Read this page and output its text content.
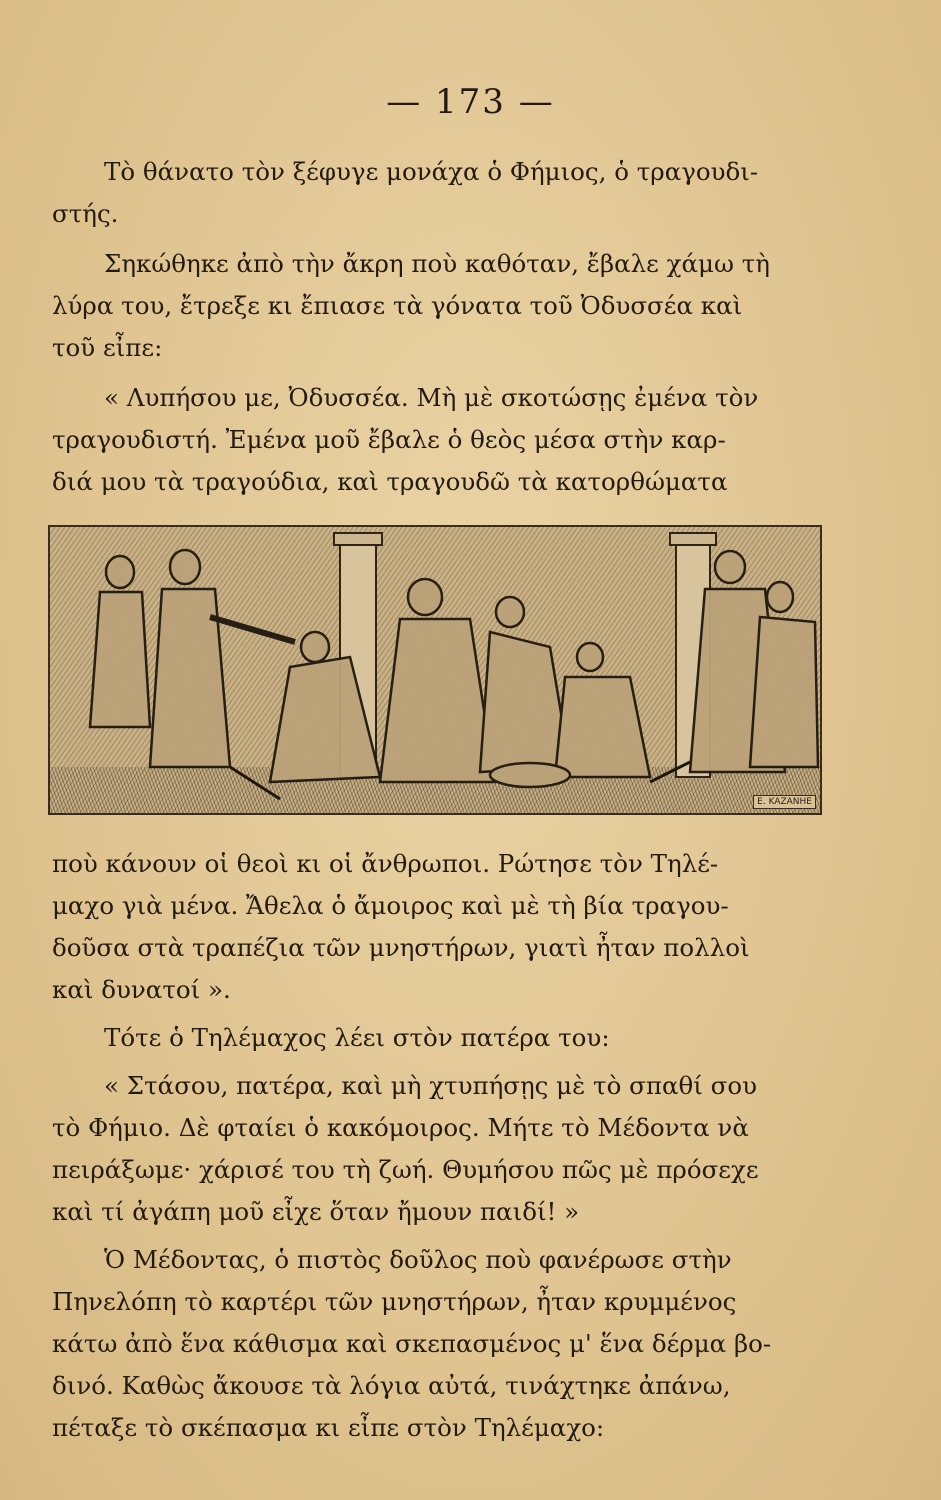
— 173 —
Τὸ θάνατο τὸν ξέφυγε μονάχα ὁ Φήμιος, ὁ τραγουδι-
στής.
Σηκώθηκε ἀπὸ τὴν ἄκρη ποὺ καθόταν, ἔβαλε χάμω τὴ
λύρα του, ἔτρεξε κι ἔπιασε τὰ γόνατα τοῦ Ὀδυσσέα καὶ
τοῦ εἶπε:
« Λυπήσου με, Ὀδυσσέα. Μὴ μὲ σκοτώσῃς ἐμένα τὸν
τραγουδιστή. Ἐμένα μοῦ ἔβαλε ὁ θεὸς μέσα στὴν καρ-
διά μου τὰ τραγούδια, καὶ τραγουδῶ τὰ κατορθώματα
E. KAZANHE
ποὺ κάνουν οἱ θεοὶ κι οἱ ἄνθρωποι. Ρώτησε τὸν Τηλέ-
μαχο γιὰ μένα. Ἄθελα ὁ ἄμοιρος καὶ μὲ τὴ βία τραγου-
δοῦσα στὰ τραπέζια τῶν μνηστήρων, γιατὶ ἦταν πολλοὶ
καὶ δυνατοί ».
Τότε ὁ Τηλέμαχος λέει στὸν πατέρα του:
« Στάσου, πατέρα, καὶ μὴ χτυπήσῃς μὲ τὸ σπαθί σου
τὸ Φήμιο. Δὲ φταίει ὁ κακόμοιρος. Μήτε τὸ Μέδοντα νὰ
πειράξωμε· χάρισέ του τὴ ζωή. Θυμήσου πῶς μὲ πρόσεχε
καὶ τί ἀγάπη μοῦ εἶχε ὅταν ἤμουν παιδί! »
Ὁ Μέδοντας, ὁ πιστὸς δοῦλος ποὺ φανέρωσε στὴν
Πηνελόπη τὸ καρτέρι τῶν μνηστήρων, ἦταν κρυμμένος
κάτω ἀπὸ ἕνα κάθισμα καὶ σκεπασμένος μ' ἕνα δέρμα βο-
δινό. Καθὼς ἄκουσε τὰ λόγια αὐτά, τινάχτηκε ἀπάνω,
πέταξε τὸ σκέπασμα κι εἶπε στὸν Τηλέμαχο:
